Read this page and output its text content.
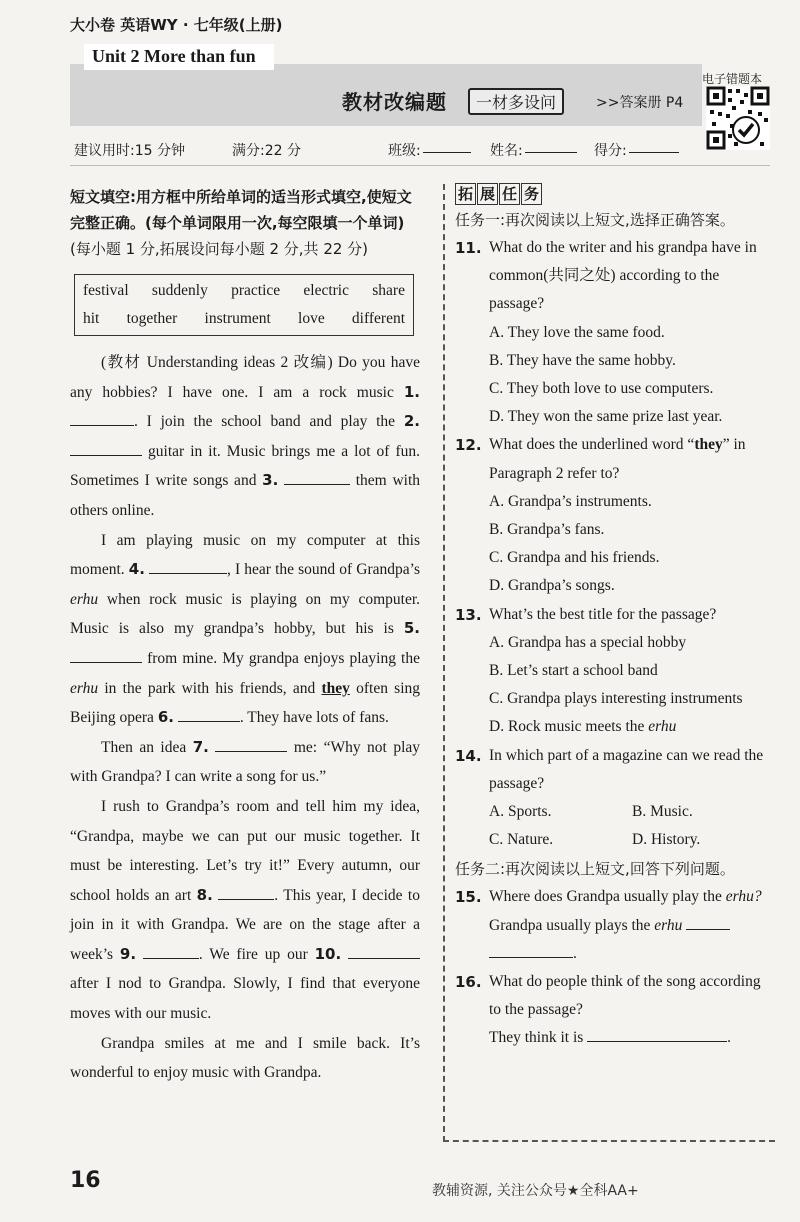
大小卷 英语WY · 七年级(上册)
Unit 2 More than fun
教材改编题	一材多设问	>>答案册 P4
电子错题本
建议用时:15 分钟	满分:22 分	班级:	姓名:	得分:

短文填空:用方框中所给单词的适当形式填空,使短文完整正确。(每个单词限用一次,每空限填一个单词)(每小题 1 分,拓展设问每小题 2 分,共 22 分)

festival suddenly practice electric share
hit together instrument love different

(教材 Understanding ideas 2 改编) Do you have any hobbies? I have one. I am a rock music 1. . I join the school band and play the 2.  guitar in it. Music brings me a lot of fun. Sometimes I write songs and 3.	them with others online.

I am playing music on my computer at this moment. 4.	, I hear the sound of Grandpa’s erhu when rock music is playing on my computer. Music is also my grandpa’s hobby, but his is 5.  from mine. My grandpa enjoys playing the erhu in the park with his friends, and they often sing Beijing opera 6.	. They have lots of fans.

Then an idea 7.	me: “Why not play with Grandpa? I can write a song for us.”

I rush to Grandpa’s room and tell him my idea, “Grandpa, maybe we can put our music together. It must be interesting. Let’s try it!” Every autumn, our school holds an art 8.	. This year, I decide to join in it with Grandpa. We are on the stage after a week’s 9.	. We fire up our 10.  after I nod to Grandpa. Slowly, I find that everyone moves with our music.

Grandpa smiles at me and I smile back. It’s wonderful to enjoy music with Grandpa.

拓 展 任 务

任务一:再次阅读以上短文,选择正确答案。

11. What do the writer and his grandpa have in common(共同之处) according to the passage?

A. They love the same food.

B. They have the same hobby.

C. They both love to use computers.

D. They won the same prize last year.

12. What does the underlined word “they” in Paragraph 2 refer to?

A. Grandpa’s instruments.

B. Grandpa’s fans.

C. Grandpa and his friends.

D. Grandpa’s songs.

13. What’s the best title for the passage?

A. Grandpa has a special hobby

B. Let’s start a school band

C. Grandpa plays interesting instruments

D. Rock music meets the erhu

14. In which part of a magazine can we read the passage?

A. Sports.	B. Music.
C. Nature.	D. History.

任务二:再次阅读以上短文,回答下列问题。

15. Where does Grandpa usually play the erhu?

Grandpa usually plays the erhu

.

16. What do people think of the song according to the passage?

They think it is	.

16	教辅资源, 关注公众号★全科AA+
